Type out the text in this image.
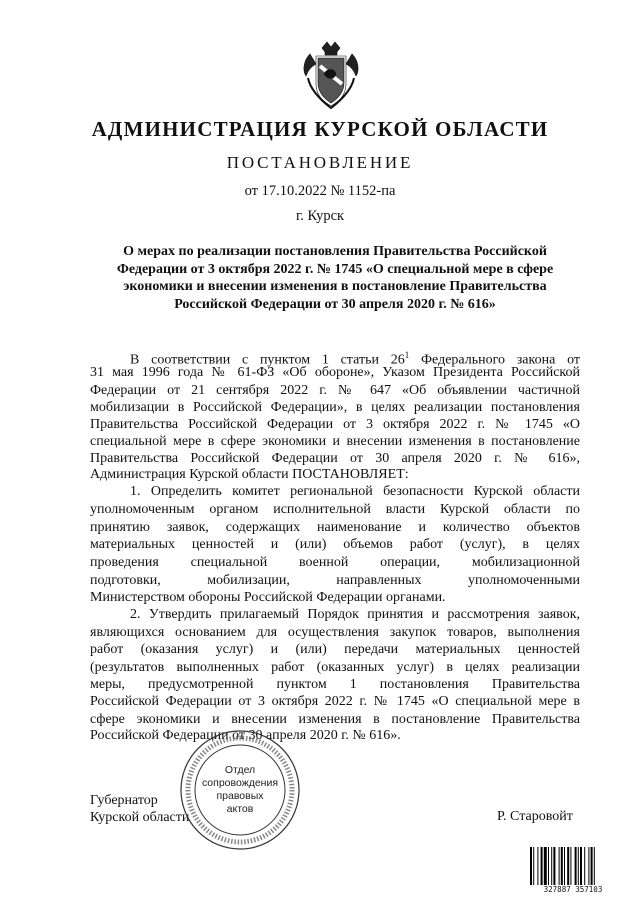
АДМИНИСТРАЦИЯ КУРСКОЙ ОБЛАСТИ
ПОСТАНОВЛЕНИЕ
от 17.10.2022 № 1152-па
г. Курск
О мерах по реализации постановления Правительства Российской
Федерации от 3 октября 2022 г. № 1745 «О специальной мере в сфере
экономики и внесении изменения в постановление Правительства
Российской Федерации от 30 апреля 2020 г. № 616»
В соответствии с пунктом 1 статьи $26^1$ Федерального закона от
31 мая 1996 года № 61-ФЗ «Об обороне», Указом Президента Российской
Федерации от 21 сентября 2022 г. № 647 «Об объявлении частичной
мобилизации в Российской Федерации», в целях реализации постановления
Правительства Российской Федерации от 3 октября 2022 г. № 1745 «О
специальной мере в сфере экономики и внесении изменения в постановление
Правительства Российской Федерации от 30 апреля 2020 г. № 616»,
Администрация Курской области ПОСТАНОВЛЯЕТ:
1. Определить комитет региональной безопасности Курской области
уполномоченным органом исполнительной власти Курской области по
принятию заявок, содержащих наименование и количество объектов
материальных ценностей и (или) объемов работ (услуг), в целях
проведения специальной военной операции, мобилизационной
подготовки, мобилизации, направленных уполномоченными
Министерством обороны Российской Федерации органами.
2. Утвердить прилагаемый Порядок принятия и рассмотрения заявок,
являющихся основанием для осуществления закупок товаров, выполнения
работ (оказания услуг) и (или) передачи материальных ценностей
(результатов выполненных работ (оказанных услуг) в целях реализации
меры, предусмотренной пунктом 1 постановления Правительства
Российской Федерации от 3 октября 2022 г. № 1745 «О специальной мере в
сфере экономики и внесении изменения в постановление Правительства
Российской Федерации от 30 апреля 2020 г. № 616».
Губернатор
Курской области	Р. Старовойт
Отдел
сопровождения
правовых
актов
327887 357103
